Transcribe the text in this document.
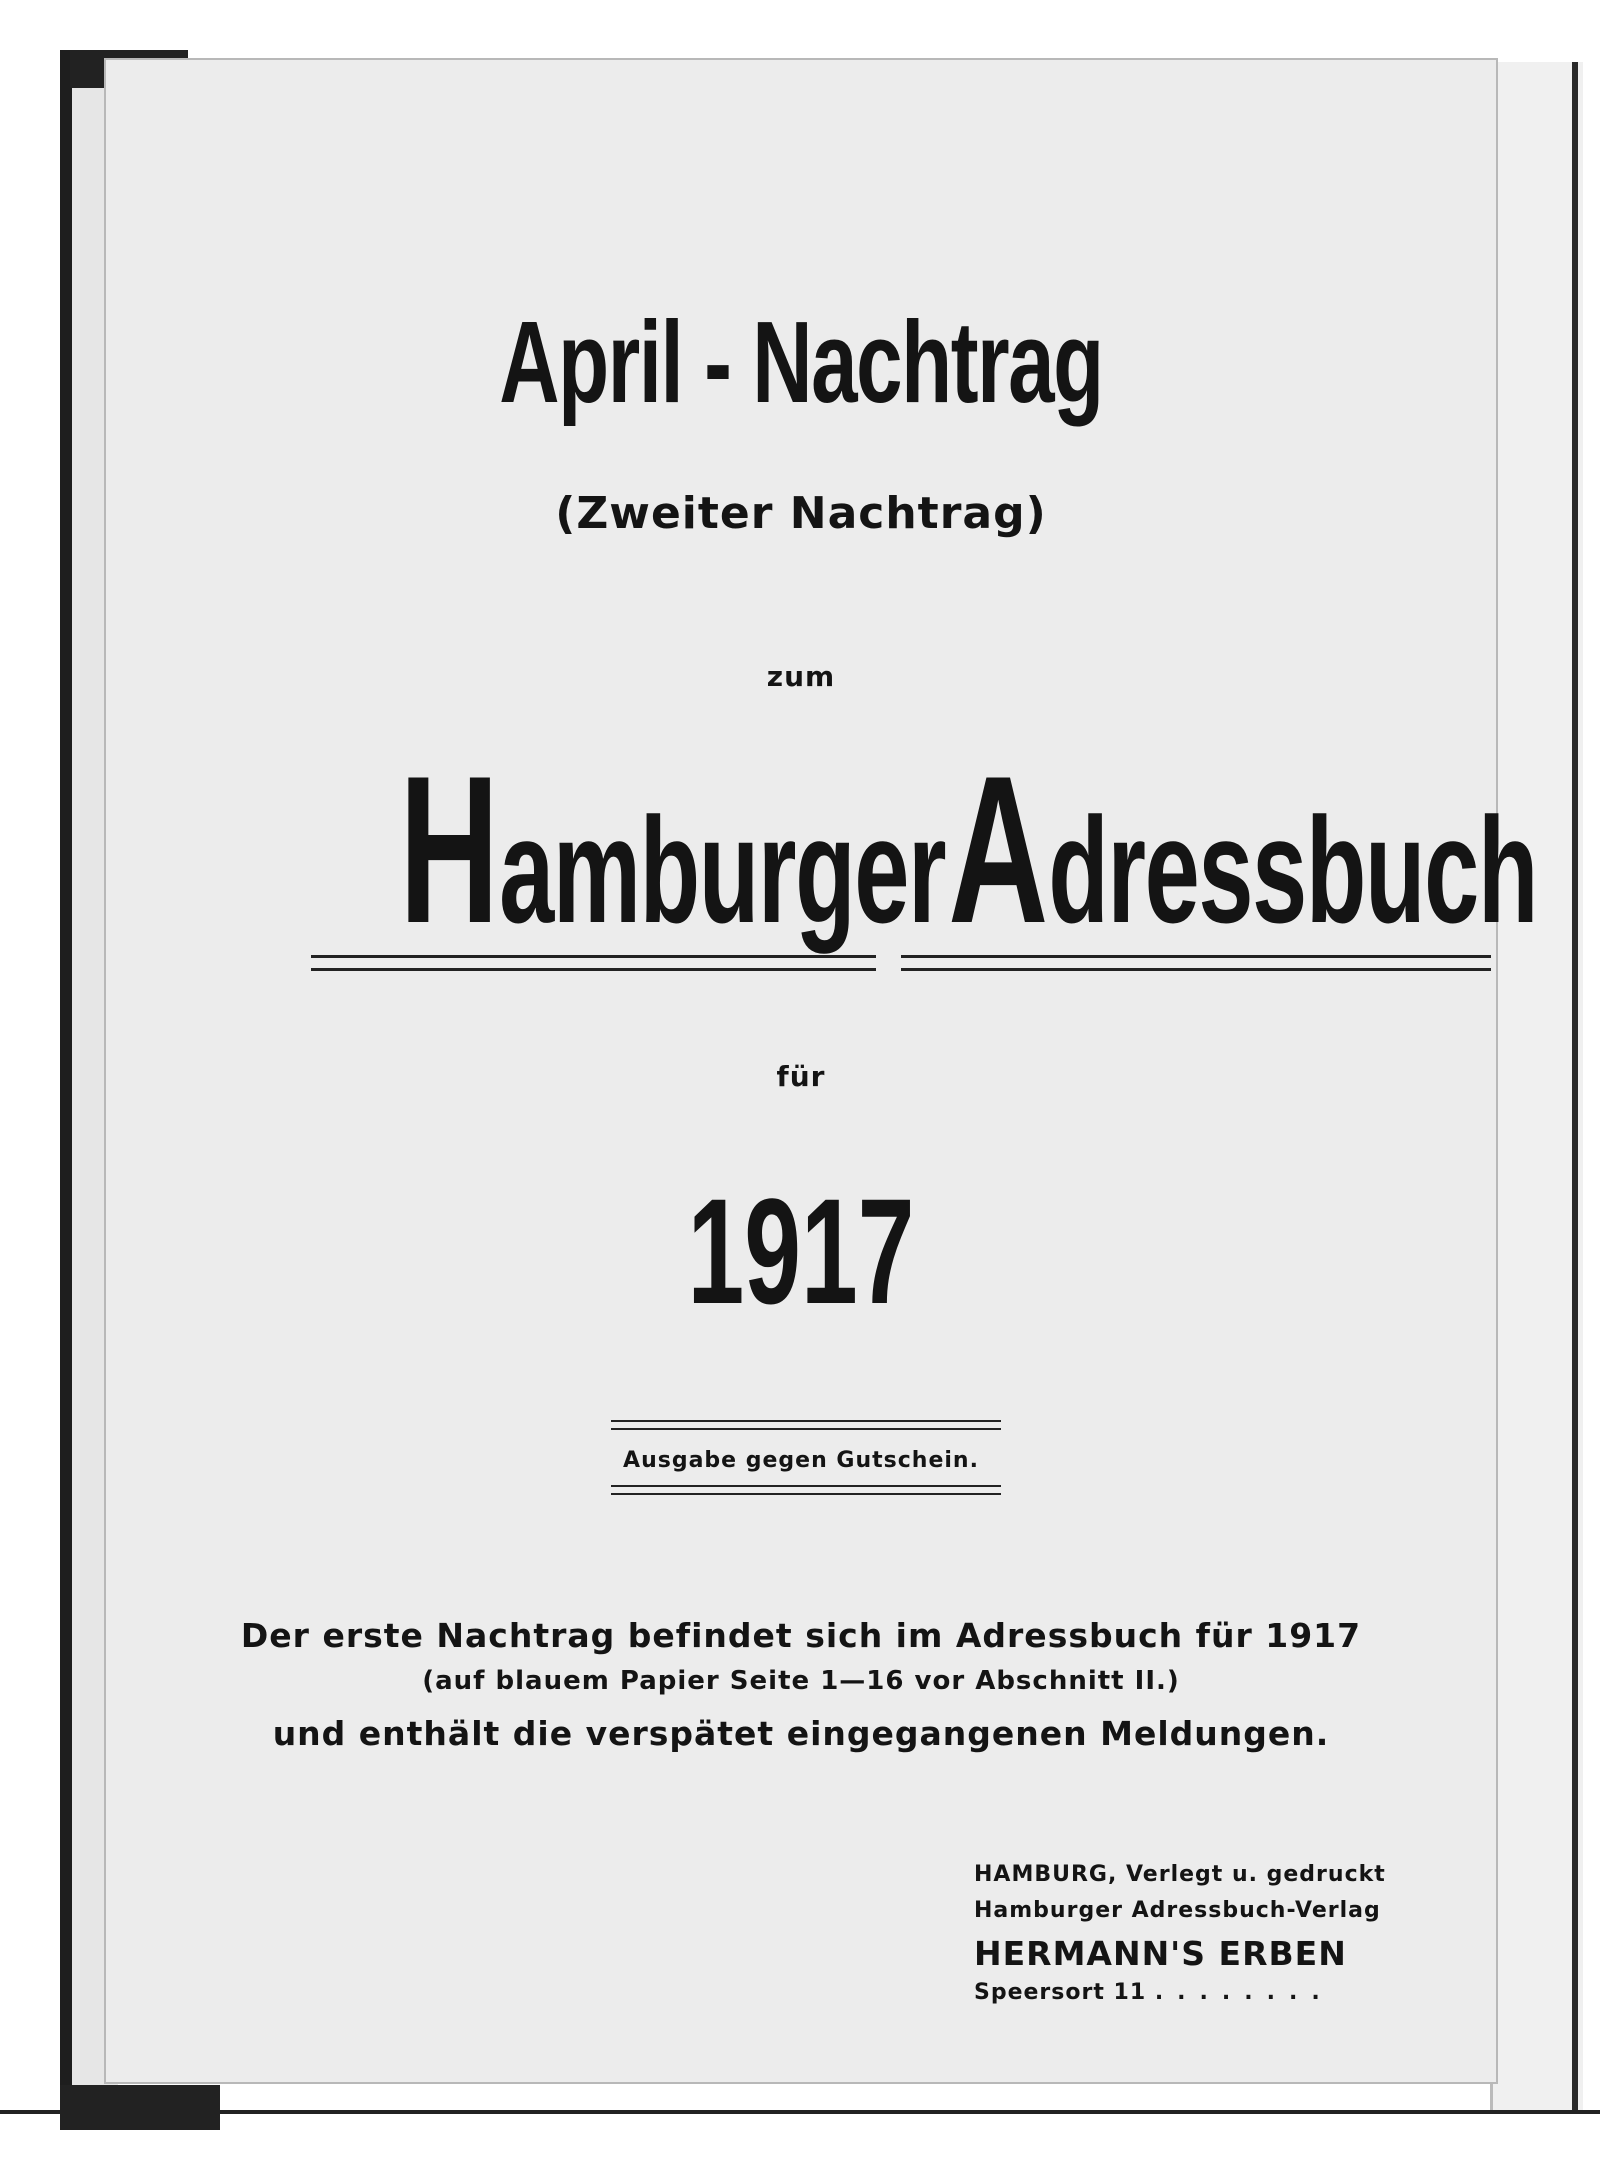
April - Nachtrag
(Zweiter Nachtrag)
zum
Hamburger Adressbuch
für
1917
Ausgabe gegen Gutschein.
Der erste Nachtrag befindet sich im Adressbuch für 1917
(auf blauem Papier Seite 1—16 vor Abschnitt II.)
und enthält die verspätet eingegangenen Meldungen.
HAMBURG, Verlegt u. gedruckt
Hamburger Adressbuch-Verlag
HERMANN'S ERBEN
Speersort 11 ........
